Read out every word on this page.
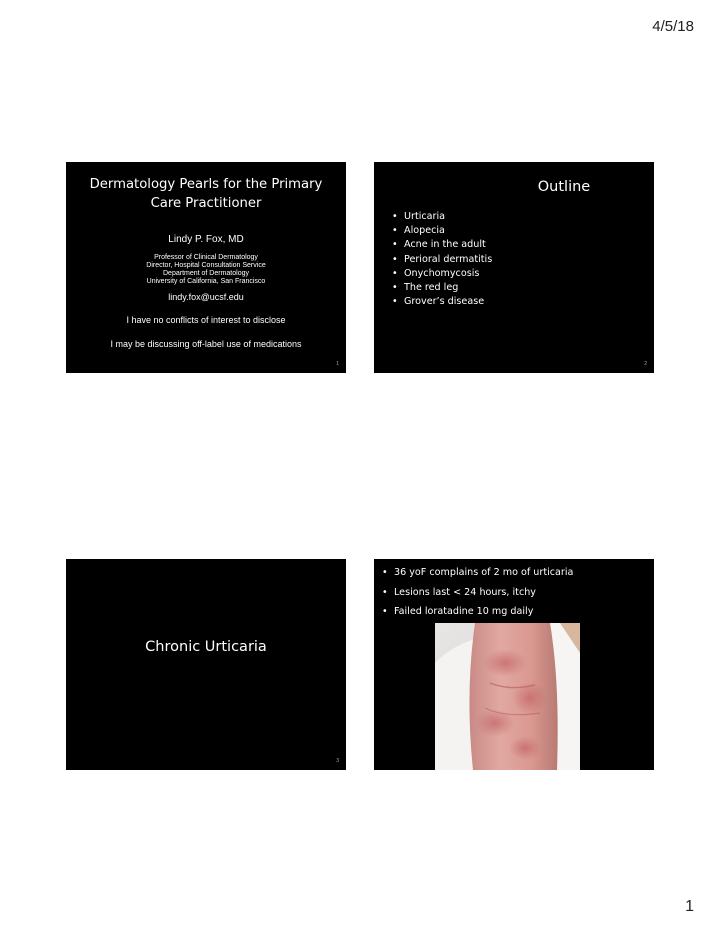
4/5/18
Dermatology Pearls for the Primary Care Practitioner
Lindy P. Fox, MD
Professor of Clinical Dermatology
Director, Hospital Consultation Service
Department of Dermatology
University of California, San Francisco
lindy.fox@ucsf.edu
I have no conflicts of interest to disclose
I may be discussing off-label use of medications
1
Outline
• Urticaria
• Alopecia
• Acne in the adult
• Perioral dermatitis
• Onychomycosis
• The red leg
• Grover’s disease
2
Chronic Urticaria
3
• 36 yoF complains of 2 mo of urticaria
• Lesions last < 24 hours, itchy
• Failed loratadine 10 mg daily
1
